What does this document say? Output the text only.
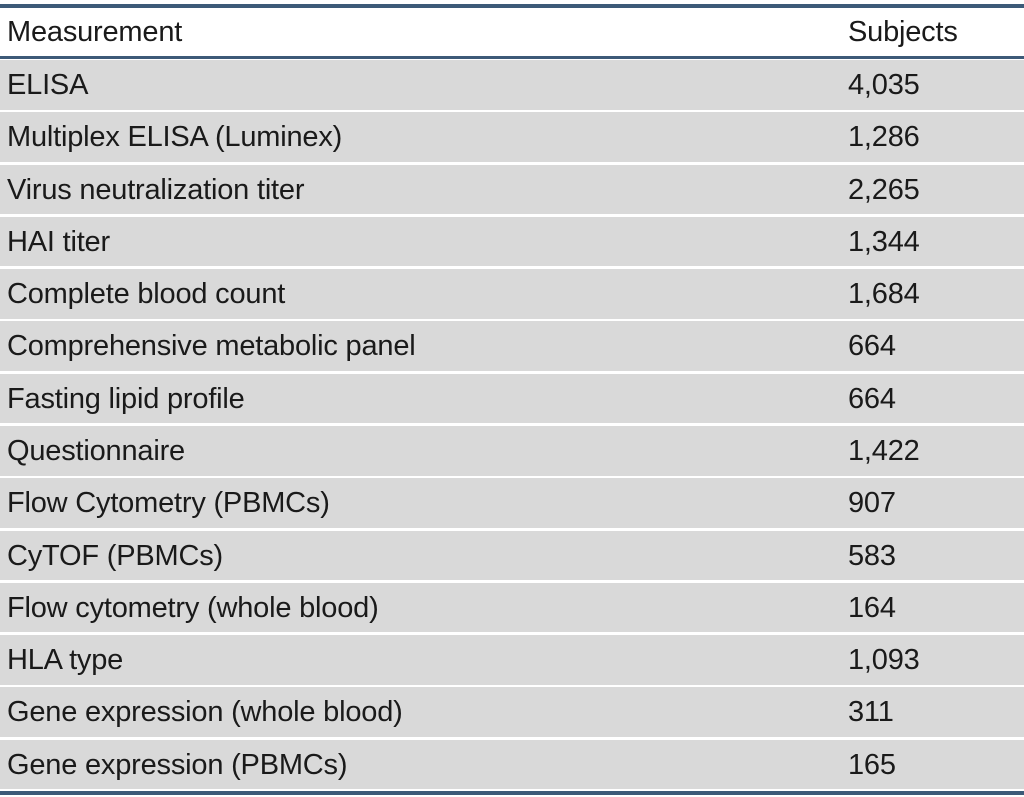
Measurement	Subjects
ELISA	4,035
Multiplex ELISA (Luminex)	1,286
Virus neutralization titer	2,265
HAI titer	1,344
Complete blood count	1,684
Comprehensive metabolic panel	664
Fasting lipid profile	664
Questionnaire	1,422
Flow Cytometry (PBMCs)	907
CyTOF (PBMCs)	583
Flow cytometry (whole blood)	164
HLA type	1,093
Gene expression (whole blood)	311
Gene expression (PBMCs)	165
